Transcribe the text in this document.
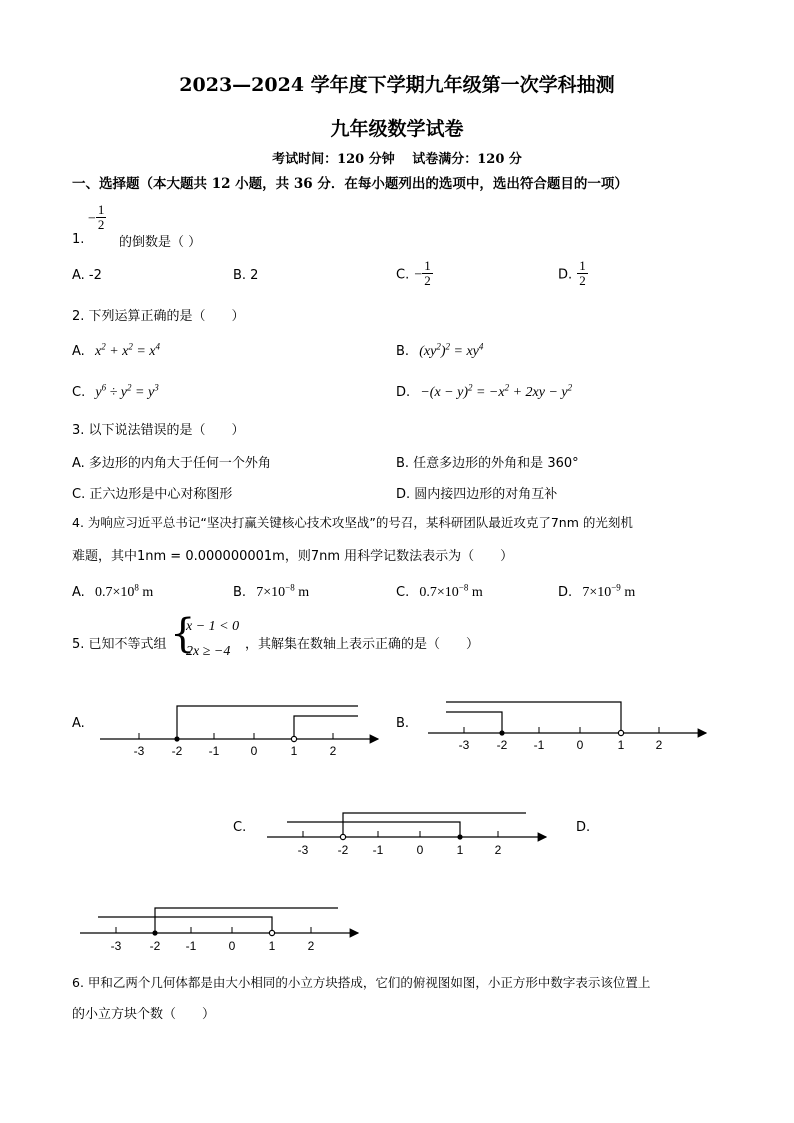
2023—2024 学年度下学期九年级第一次学科抽测
九年级数学试卷
考试时间：120 分钟　 试卷满分：120 分
一、选择题（本大题共 12 小题，共 36 分．在每小题列出的选项中，选出符合题目的一项）
− $\frac{1}{2}$
1.	的倒数是（ ）
A. -2	B. 2	C. − $\frac{1}{2}$	D. $\frac{1}{2}$
2. 下列运算正确的是（　　）
A. $x^2 + x^2 = x^4$	B. $(xy^2)^2 = xy^4$
C. $y^6 \div y^2 = y^3$	D. $-(x - y)^2 = -x^2 + 2xy - y^2$
3. 以下说法错误的是（　　）
A. 多边形的内角大于任何一个外角	B. 任意多边形的外角和是 360°
C. 正六边形是中心对称图形	D. 圆内接四边形的对角互补
4. 为响应习近平总书记“坚决打赢关键核心技术攻坚战”的号召，某科研团队最近攻克了7nm 的光刻机
难题，其中1nm = 0.000000001m，则7nm 用科学记数法表示为（　　）
A. $0.7\times 10^8$ m	B. $7\times 10^{-8}$ m	C. $0.7\times 10^{-8}$ m	D. $7\times 10^{-9}$ m
5. 已知不等式组 {
x − 1 < 0
2x ≥ −4 ，其解集在数轴上表示正确的是（　　）
A.	B.
C.	D.
-3 -2 -1	0	1	2	-3 -2 -1	0	1	2
-3 -2 -1	0	1	2
-3 -2 -1	0	1	2
6. 甲和乙两个几何体都是由大小相同的小立方块搭成，它们的俯视图如图，小正方形中数字表示该位置上
的小立方块个数（　　）
